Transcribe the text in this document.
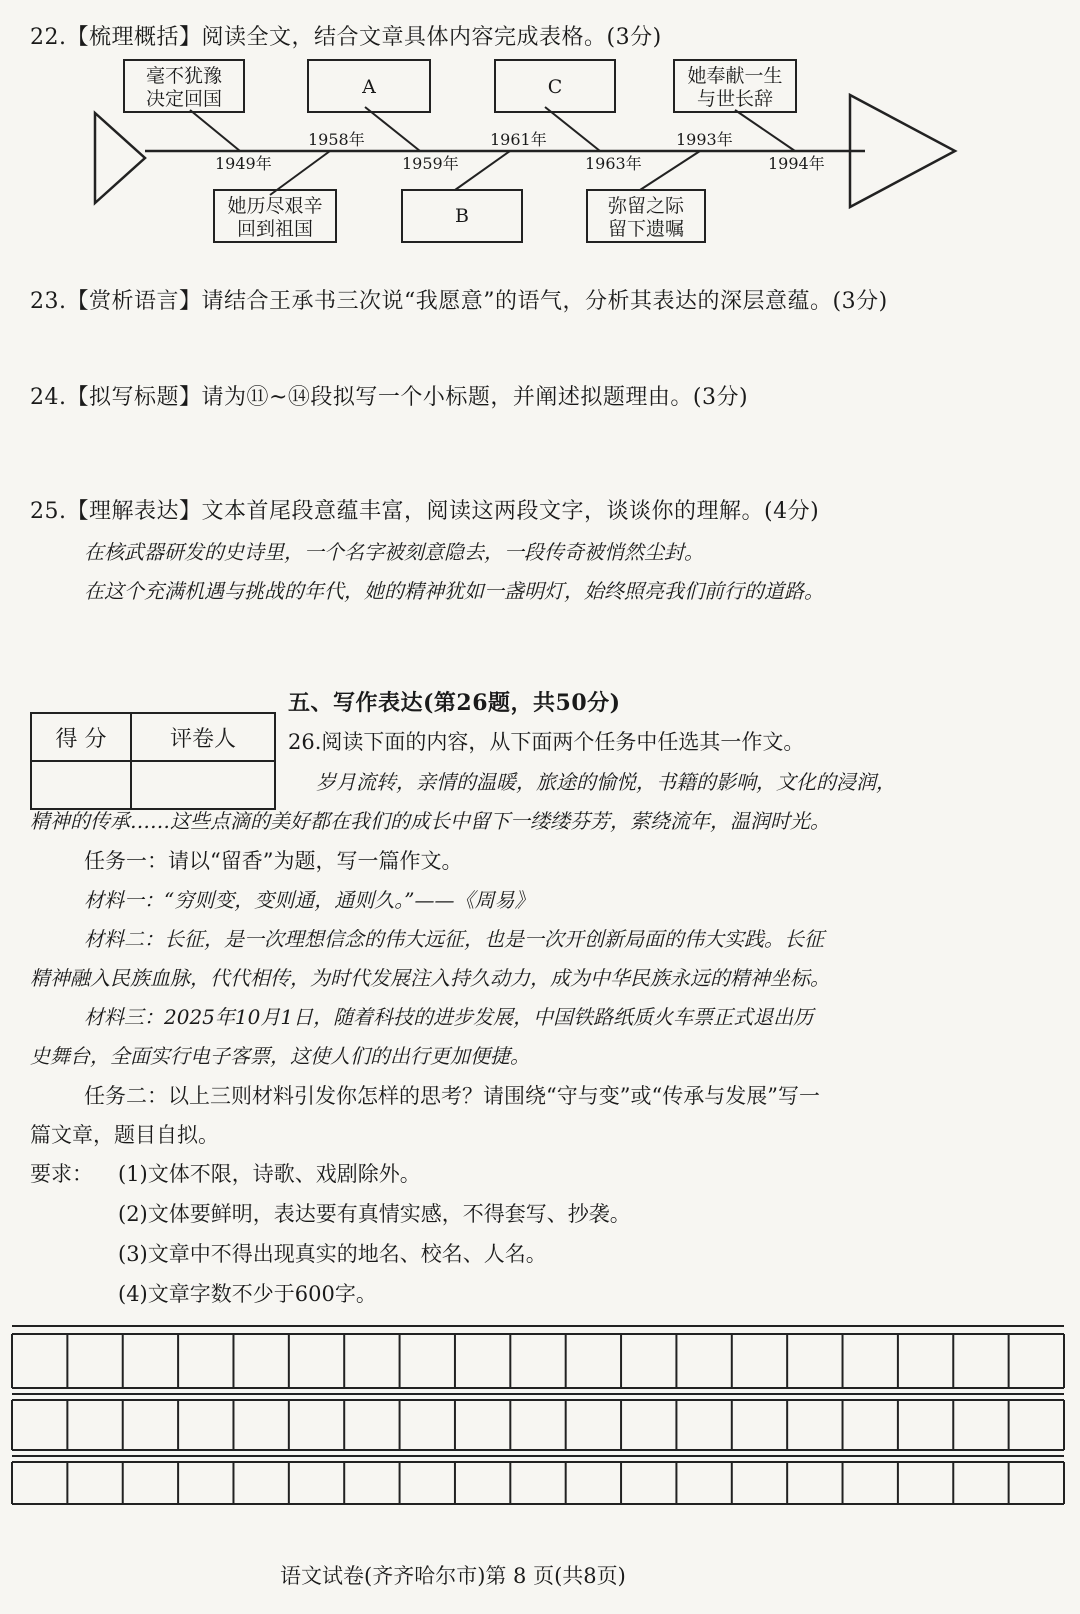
22.【梳理概括】阅读全文，结合文章具体内容完成表格。(3分)
毫不犹豫
决定回国
A	C	她奉献一生
与世长辞
她历尽艰辛
回到祖国
B	弥留之际
留下遗嘱
1949年
1958年
1959年
1961年
1963年
1993年
1994年
23.【赏析语言】请结合王承书三次说“我愿意”的语气，分析其表达的深层意蕴。(3分)
24.【拟写标题】请为⑪~⑭段拟写一个小标题，并阐述拟题理由。(3分)
25.【理解表达】文本首尾段意蕴丰富，阅读这两段文字，谈谈你的理解。(4分)
在核武器研发的史诗里，一个名字被刻意隐去，一段传奇被悄然尘封。
在这个充满机遇与挑战的年代，她的精神犹如一盏明灯，始终照亮我们前行的道路。
得 分	评卷人

五、写作表达(第26题，共50分)
26.阅读下面的内容，从下面两个任务中任选其一作文。
岁月流转，亲情的温暖，旅途的愉悦，书籍的影响，文化的浸润，
精神的传承……这些点滴的美好都在我们的成长中留下一缕缕芬芳，萦绕流年，温润时光。
任务一：请以“留香”为题，写一篇作文。
材料一：“穷则变，变则通，通则久。”——《周易》
材料二：长征，是一次理想信念的伟大远征，也是一次开创新局面的伟大实践。长征
精神融入民族血脉，代代相传，为时代发展注入持久动力，成为中华民族永远的精神坐标。
材料三：2025年10月1日，随着科技的进步发展，中国铁路纸质火车票正式退出历
史舞台，全面实行电子客票，这使人们的出行更加便捷。
任务二：以上三则材料引发你怎样的思考？请围绕“守与变”或“传承与发展”写一
篇文章，题目自拟。
要求： (1)文体不限，诗歌、戏剧除外。
(2)文体要鲜明，表达要有真情实感，不得套写、抄袭。
(3)文章中不得出现真实的地名、校名、人名。
(4)文章字数不少于600字。
语文试卷(齐齐哈尔市)第 8 页(共8页)
